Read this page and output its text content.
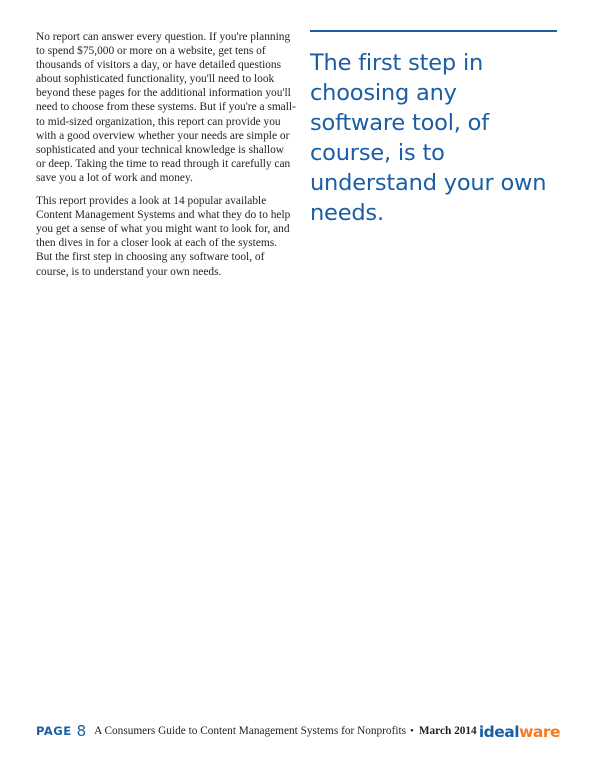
No report can answer every question. If you're planning to spend $75,000 or more on a website, get tens of thousands of visitors a day, or have detailed questions about sophisticated functionality, you'll need to look beyond these pages for the additional information you'll need to choose from these systems. But if you're a small- to mid-sized organization, this report can provide you with a good overview whether your needs are simple or sophisticated and your technical knowledge is shallow or deep. Taking the time to read through it carefully can save you a lot of work and money.

This report provides a look at 14 popular available Content Management Systems and what they do to help you get a sense of what you might want to look for, and then dives in for a closer look at each of the systems. But the first step in choosing any software tool, of course, is to understand your own needs.

The first step in choosing any software tool, of course, is to understand your own needs.
PAGE 8 A Consumers Guide to Content Management Systems for Nonprofits • March 2014 ideal ware
